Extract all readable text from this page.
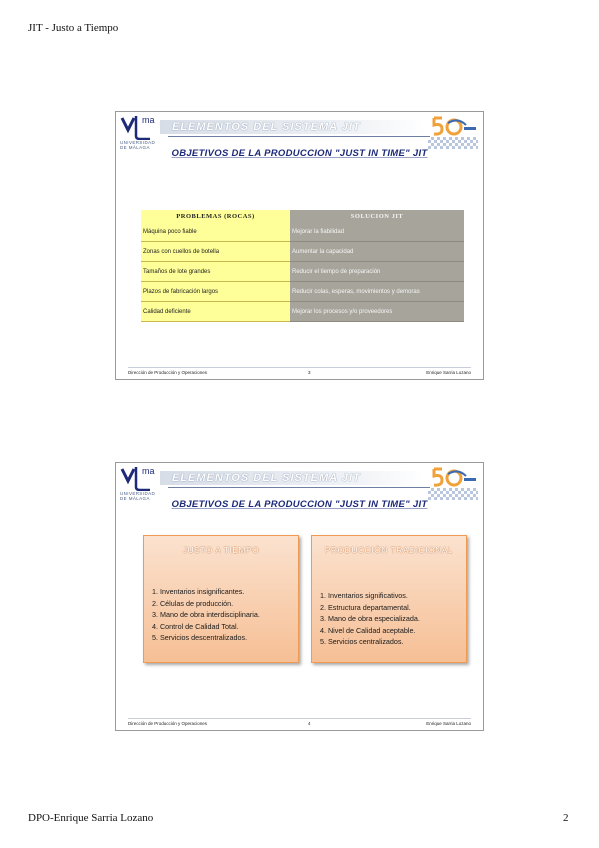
JIT - Justo a Tiempo
ma
UNIVERSIDAD
DE MÁLAGA
ELEMENTOS DEL SISTEMA JIT
OBJETIVOS DE LA PRODUCCION "JUST IN TIME" JIT
PROBLEMAS (ROCAS)	SOLUCION JIT
Máquina poco fiable	Mejorar la fiabilidad
Zonas con cuellos de botella	Aumentar la capacidad
Tamaños de lote grandes	Reducir el tiempo de preparación
Plazos de fabricación largos	Reducir colas, esperas, movimientos y demoras
Calidad deficiente	Mejorar los procesos y/o proveedores
Dirección de Producción y Operaciones	3	Enrique Sarria Lozano
ma
UNIVERSIDAD
DE MÁLAGA
ELEMENTOS DEL SISTEMA JIT
OBJETIVOS DE LA PRODUCCION "JUST IN TIME" JIT
JUSTO A TIEMPO
1. Inventarios insignificantes.
2. Células de producción.
3. Mano de obra interdisciplinaria.
4. Control de Calidad Total.
5. Servicios descentralizados.
PRODUCCIÓN TRADICIONAL
1. Inventarios significativos.
2. Estructura departamental.
3. Mano de obra especializada.
4. Nivel de Calidad aceptable.
5. Servicios centralizados.
Dirección de Producción y Operaciones	4	Enrique Sarria Lozano
DPO-Enrique Sarria Lozano	2
